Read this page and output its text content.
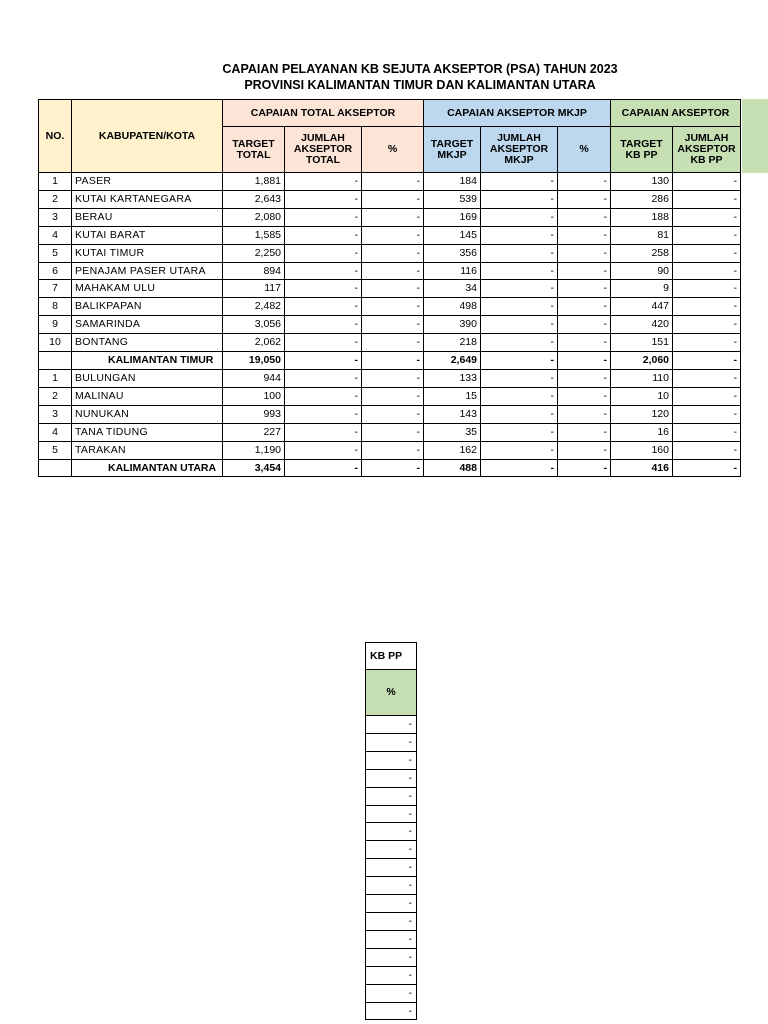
CAPAIAN PELAYANAN KB SEJUTA AKSEPTOR (PSA) TAHUN 2023
PROVINSI KALIMANTAN TIMUR DAN KALIMANTAN UTARA
NO.	KABUPATEN/KOTA	CAPAIAN TOTAL AKSEPTOR			CAPAIAN AKSEPTOR MKJP			CAPAIAN AKSEPTOR	
		TARGET TOTAL	JUMLAH AKSEPTOR TOTAL	%	TARGET MKJP	JUMLAH AKSEPTOR MKJP	%	TARGET KB PP	JUMLAH AKSEPTOR KB PP
1	PASER	1,881	-	-	184	-	-	130	-
2	KUTAI KARTANEGARA	2,643	-	-	539	-	-	286	-
3	BERAU	2,080	-	-	169	-	-	188	-
4	KUTAI BARAT	1,585	-	-	145	-	-	81	-
5	KUTAI TIMUR	2,250	-	-	356	-	-	258	-
6	PENAJAM PASER UTARA	894	-	-	116	-	-	90	-
7	MAHAKAM ULU	117	-	-	34	-	-	9	-
8	BALIKPAPAN	2,482	-	-	498	-	-	447	-
9	SAMARINDA	3,056	-	-	390	-	-	420	-
10	BONTANG	2,062	-	-	218	-	-	151	-
	KALIMANTAN TIMUR	19,050	-	-	2,649	-	-	2,060	-
1	BULUNGAN	944	-	-	133	-	-	110	-
2	MALINAU	100	-	-	15	-	-	10	-
3	NUNUKAN	993	-	-	143	-	-	120	-
4	TANA TIDUNG	227	-	-	35	-	-	16	-
5	TARAKAN	1,190	-	-	162	-	-	160	-
	KALIMANTAN UTARA	3,454	-	-	488	-	-	416	-
KB PP
%
-
-
-
-
-
-
-
-
-
-
-
-
-
-
-
-
-
